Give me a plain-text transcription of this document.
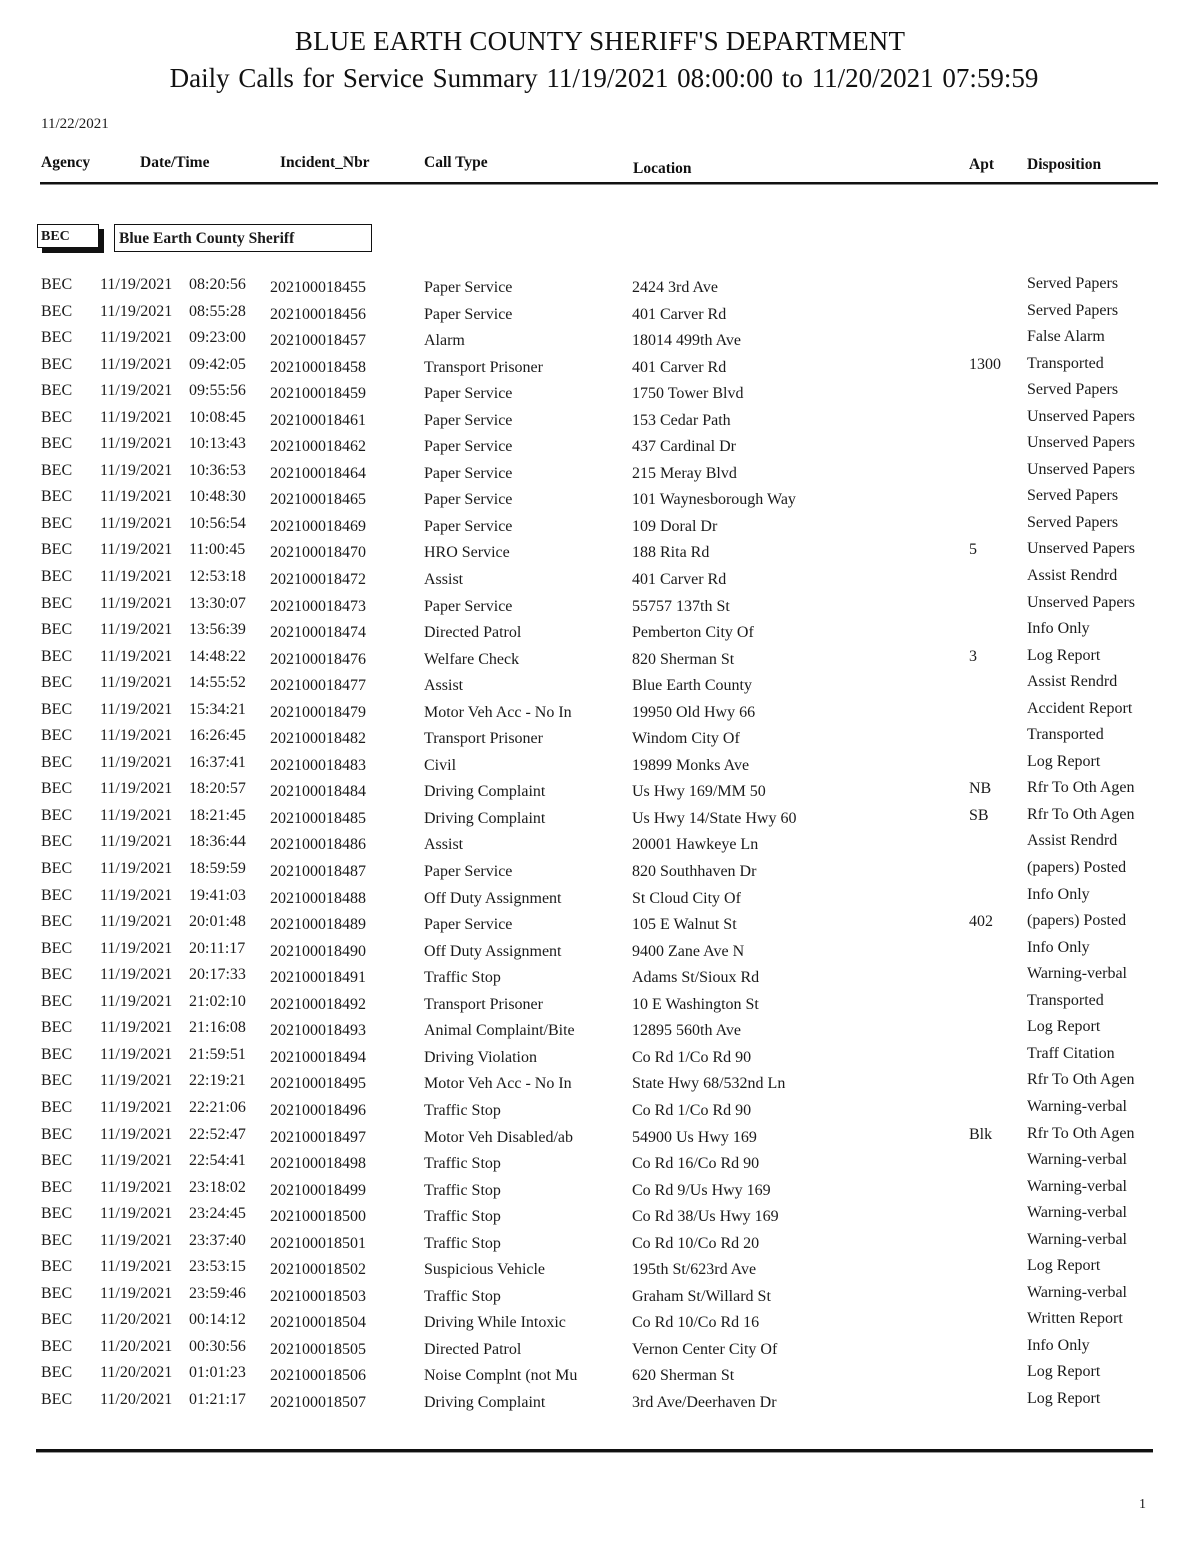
BLUE EARTH COUNTY SHERIFF'S DEPARTMENT
Daily Calls for Service Summary 11/19/2021 08:00:00 to 11/20/2021 07:59:59
11/22/2021
Agency	Date/Time	Incident_Nbr	Call Type	Location	Apt Disposition
BEC	Blue Earth County Sheriff
BEC 11/19/2021 08:20:56 202100018455	Paper Service	2424 3rd Ave	Served Papers
BEC 11/19/2021 08:55:28 202100018456	Paper Service	401 Carver Rd	Served Papers
BEC 11/19/2021 09:23:00 202100018457	Alarm	18014 499th Ave	False Alarm
BEC 11/19/2021 09:42:05 202100018458	Transport Prisoner	401 Carver Rd	1300 Transported
BEC 11/19/2021 09:55:56 202100018459	Paper Service	1750 Tower Blvd	Served Papers
BEC 11/19/2021 10:08:45 202100018461	Paper Service	153 Cedar Path	Unserved Papers
BEC 11/19/2021 10:13:43 202100018462	Paper Service	437 Cardinal Dr	Unserved Papers
BEC 11/19/2021 10:36:53 202100018464	Paper Service	215 Meray Blvd	Unserved Papers
BEC 11/19/2021 10:48:30 202100018465	Paper Service	101 Waynesborough Way	Served Papers
BEC 11/19/2021 10:56:54 202100018469	Paper Service	109 Doral Dr	Served Papers
BEC 11/19/2021 11:00:45 202100018470	HRO Service	188 Rita Rd	5	Unserved Papers
BEC 11/19/2021 12:53:18 202100018472	Assist	401 Carver Rd	Assist Rendrd
BEC 11/19/2021 13:30:07 202100018473	Paper Service	55757 137th St	Unserved Papers
BEC 11/19/2021 13:56:39 202100018474	Directed Patrol	Pemberton City Of	Info Only
BEC 11/19/2021 14:48:22 202100018476	Welfare Check	820 Sherman St	3	Log Report
BEC 11/19/2021 14:55:52 202100018477	Assist	Blue Earth County	Assist Rendrd
BEC 11/19/2021 15:34:21 202100018479	Motor Veh Acc - No In	19950 Old Hwy 66	Accident Report
BEC 11/19/2021 16:26:45 202100018482	Transport Prisoner	Windom City Of	Transported
BEC 11/19/2021 16:37:41 202100018483	Civil	19899 Monks Ave	Log Report
BEC 11/19/2021 18:20:57 202100018484	Driving Complaint	Us Hwy 169/MM 50	NB Rfr To Oth Agen
BEC 11/19/2021 18:21:45 202100018485	Driving Complaint	Us Hwy 14/State Hwy 60	SB Rfr To Oth Agen
BEC 11/19/2021 18:36:44 202100018486	Assist	20001 Hawkeye Ln	Assist Rendrd
BEC 11/19/2021 18:59:59 202100018487	Paper Service	820 Southhaven Dr	(papers) Posted
BEC 11/19/2021 19:41:03 202100018488	Off Duty Assignment	St Cloud City Of	Info Only
BEC 11/19/2021 20:01:48 202100018489	Paper Service	105 E Walnut St	402 (papers) Posted
BEC 11/19/2021 20:11:17 202100018490	Off Duty Assignment	9400 Zane Ave N	Info Only
BEC 11/19/2021 20:17:33 202100018491	Traffic Stop	Adams St/Sioux Rd	Warning-verbal
BEC 11/19/2021 21:02:10 202100018492	Transport Prisoner	10 E Washington St	Transported
BEC 11/19/2021 21:16:08 202100018493	Animal Complaint/Bite	12895 560th Ave	Log Report
BEC 11/19/2021 21:59:51 202100018494	Driving Violation	Co Rd 1/Co Rd 90	Traff Citation
BEC 11/19/2021 22:19:21 202100018495	Motor Veh Acc - No In	State Hwy 68/532nd Ln	Rfr To Oth Agen
BEC 11/19/2021 22:21:06 202100018496	Traffic Stop	Co Rd 1/Co Rd 90	Warning-verbal
BEC 11/19/2021 22:52:47 202100018497	Motor Veh Disabled/ab	54900 Us Hwy 169	Blk Rfr To Oth Agen
BEC 11/19/2021 22:54:41 202100018498	Traffic Stop	Co Rd 16/Co Rd 90	Warning-verbal
BEC 11/19/2021 23:18:02 202100018499	Traffic Stop	Co Rd 9/Us Hwy 169	Warning-verbal
BEC 11/19/2021 23:24:45 202100018500	Traffic Stop	Co Rd 38/Us Hwy 169	Warning-verbal
BEC 11/19/2021 23:37:40 202100018501	Traffic Stop	Co Rd 10/Co Rd 20	Warning-verbal
BEC 11/19/2021 23:53:15 202100018502	Suspicious Vehicle	195th St/623rd Ave	Log Report
BEC 11/19/2021 23:59:46 202100018503	Traffic Stop	Graham St/Willard St	Warning-verbal
BEC 11/20/2021 00:14:12 202100018504	Driving While Intoxic	Co Rd 10/Co Rd 16	Written Report
BEC 11/20/2021 00:30:56 202100018505	Directed Patrol	Vernon Center City Of	Info Only
BEC 11/20/2021 01:01:23 202100018506	Noise Complnt (not Mu	620 Sherman St	Log Report
BEC 11/20/2021 01:21:17 202100018507	Driving Complaint	3rd Ave/Deerhaven Dr	Log Report
1
